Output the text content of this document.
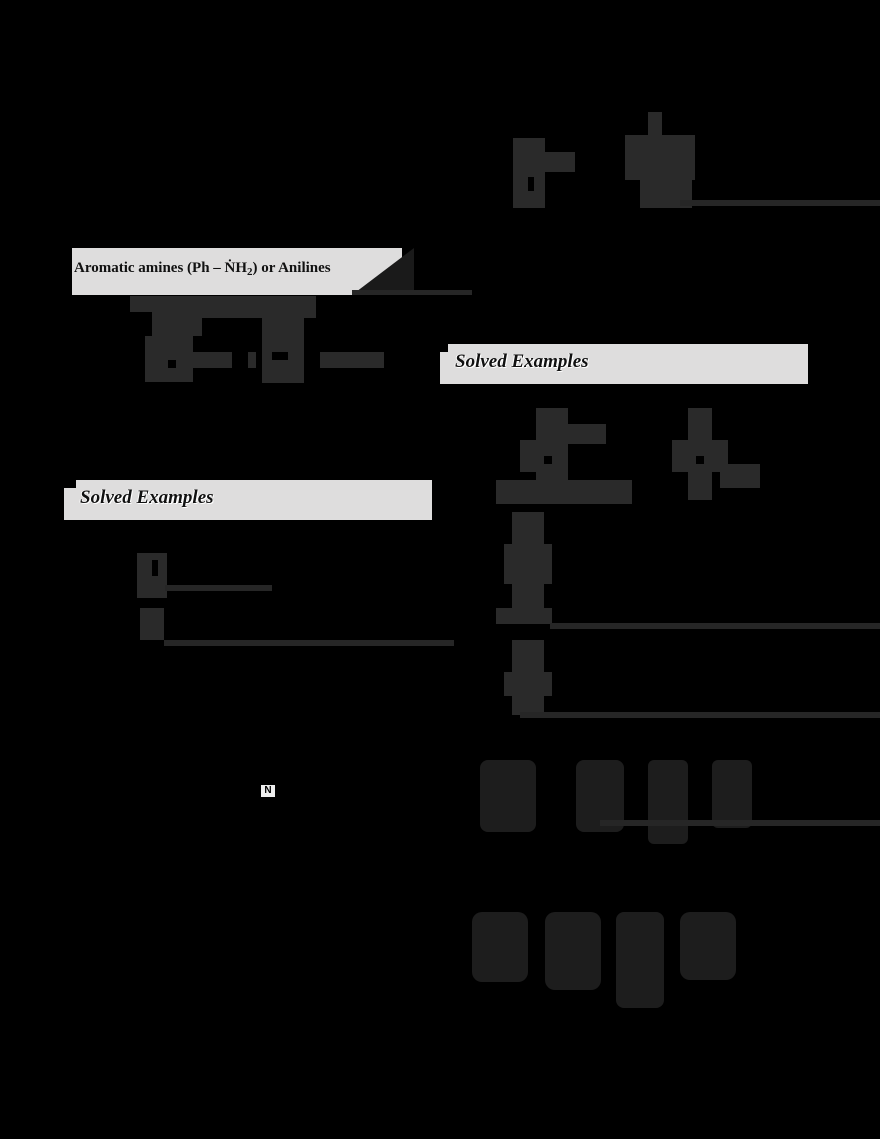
Aromatic amines $(Ph - ṄH_2)$ or Anilines
Solved Examples
N
Solved Examples
